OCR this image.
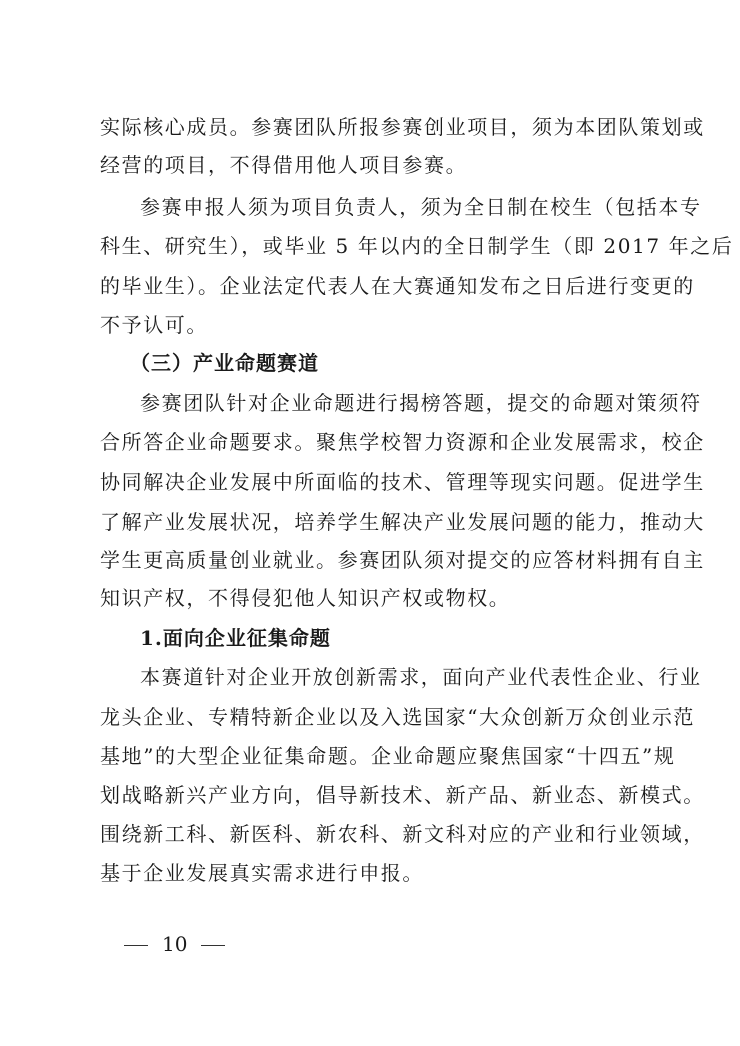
实际核心成员。参赛团队所报参赛创业项目，须为本团队策划或
经营的项目，不得借用他人项目参赛。
参赛申报人须为项目负责人，须为全日制在校生（包括本专
科生、研究生），或毕业 5 年以内的全日制学生（即 2017 年之后
的毕业生）。企业法定代表人在大赛通知发布之日后进行变更的
不予认可。
（三）产业命题赛道
参赛团队针对企业命题进行揭榜答题，提交的命题对策须符
合所答企业命题要求。聚焦学校智力资源和企业发展需求，校企
协同解决企业发展中所面临的技术、管理等现实问题。促进学生
了解产业发展状况，培养学生解决产业发展问题的能力，推动大
学生更高质量创业就业。参赛团队须对提交的应答材料拥有自主
知识产权，不得侵犯他人知识产权或物权。
1.面向企业征集命题
本赛道针对企业开放创新需求，面向产业代表性企业、行业
龙头企业、专精特新企业以及入选国家“大众创新万众创业示范
基地”的大型企业征集命题。企业命题应聚焦国家“十四五”规
划战略新兴产业方向，倡导新技术、新产品、新业态、新模式。
围绕新工科、新医科、新农科、新文科对应的产业和行业领域，
基于企业发展真实需求进行申报。
10
